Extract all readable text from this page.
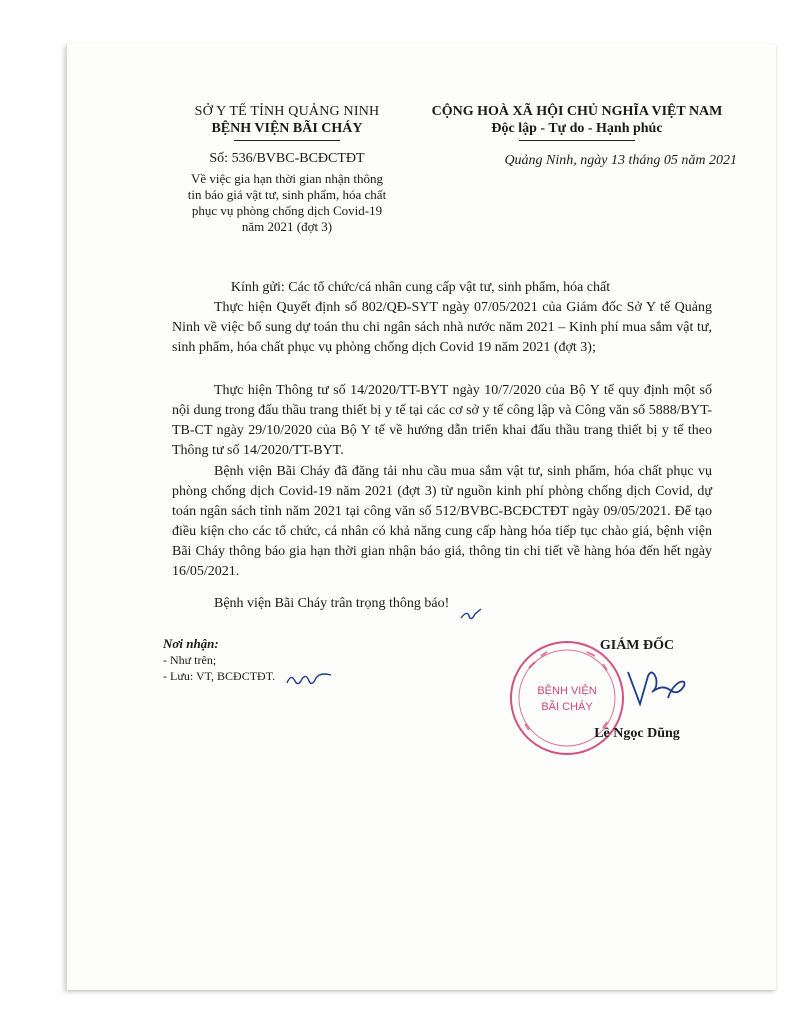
SỞ Y TẾ TỈNH QUẢNG NINH
BỆNH VIỆN BÃI CHÁY
CỘNG HOÀ XÃ HỘI CHỦ NGHĨA VIỆT NAM
Độc lập - Tự do - Hạnh phúc
Số: 536/BVBC-BCĐCTĐT	Quảng Ninh, ngày 13 tháng 05 năm 2021
Về việc gia hạn thời gian nhận thông
tin báo giá vật tư, sinh phẩm, hóa chất
phục vụ phòng chống dịch Covid-19
năm 2021 (đợt 3)
Kính gửi: Các tổ chức/cá nhân cung cấp vật tư, sinh phẩm, hóa chất
Thực hiện Quyết định số 802/QĐ-SYT ngày 07/05/2021 của Giám đốc Sở Y tế Quảng Ninh về việc bổ sung dự toán thu chi ngân sách nhà nước năm 2021 – Kinh phí mua sắm vật tư, sinh phẩm, hóa chất phục vụ phòng chống dịch Covid 19 năm 2021 (đợt 3);
Thực hiện Thông tư số 14/2020/TT-BYT ngày 10/7/2020 của Bộ Y tế quy định một số nội dung trong đấu thầu trang thiết bị y tế tại các cơ sở y tế công lập và Công văn số 5888/BYT-TB-CT ngày 29/10/2020 của Bộ Y tế về hướng dẫn triển khai đấu thầu trang thiết bị y tế theo Thông tư số 14/2020/TT-BYT.
Bệnh viện Bãi Cháy đã đăng tải nhu cầu mua sắm vật tư, sinh phẩm, hóa chất phục vụ phòng chống dịch Covid-19 năm 2021 (đợt 3) từ nguồn kinh phí phòng chống dịch Covid, dự toán ngân sách tỉnh năm 2021 tại công văn số 512/BVBC-BCĐCTĐT ngày 09/05/2021. Để tạo điều kiện cho các tổ chức, cá nhân có khả năng cung cấp hàng hóa tiếp tục chào giá, bệnh viện Bãi Cháy thông báo gia hạn thời gian nhận báo giá, thông tin chi tiết về hàng hóa đến hết ngày 16/05/2021.
Bệnh viện Bãi Cháy trân trọng thông báo!
Nơi nhận:
- Như trên;
- Lưu: VT, BCĐCTĐT.
BỆNH VIỆN
BÃI CHÁY
GIÁM ĐỐC
Lê Ngọc Dũng
